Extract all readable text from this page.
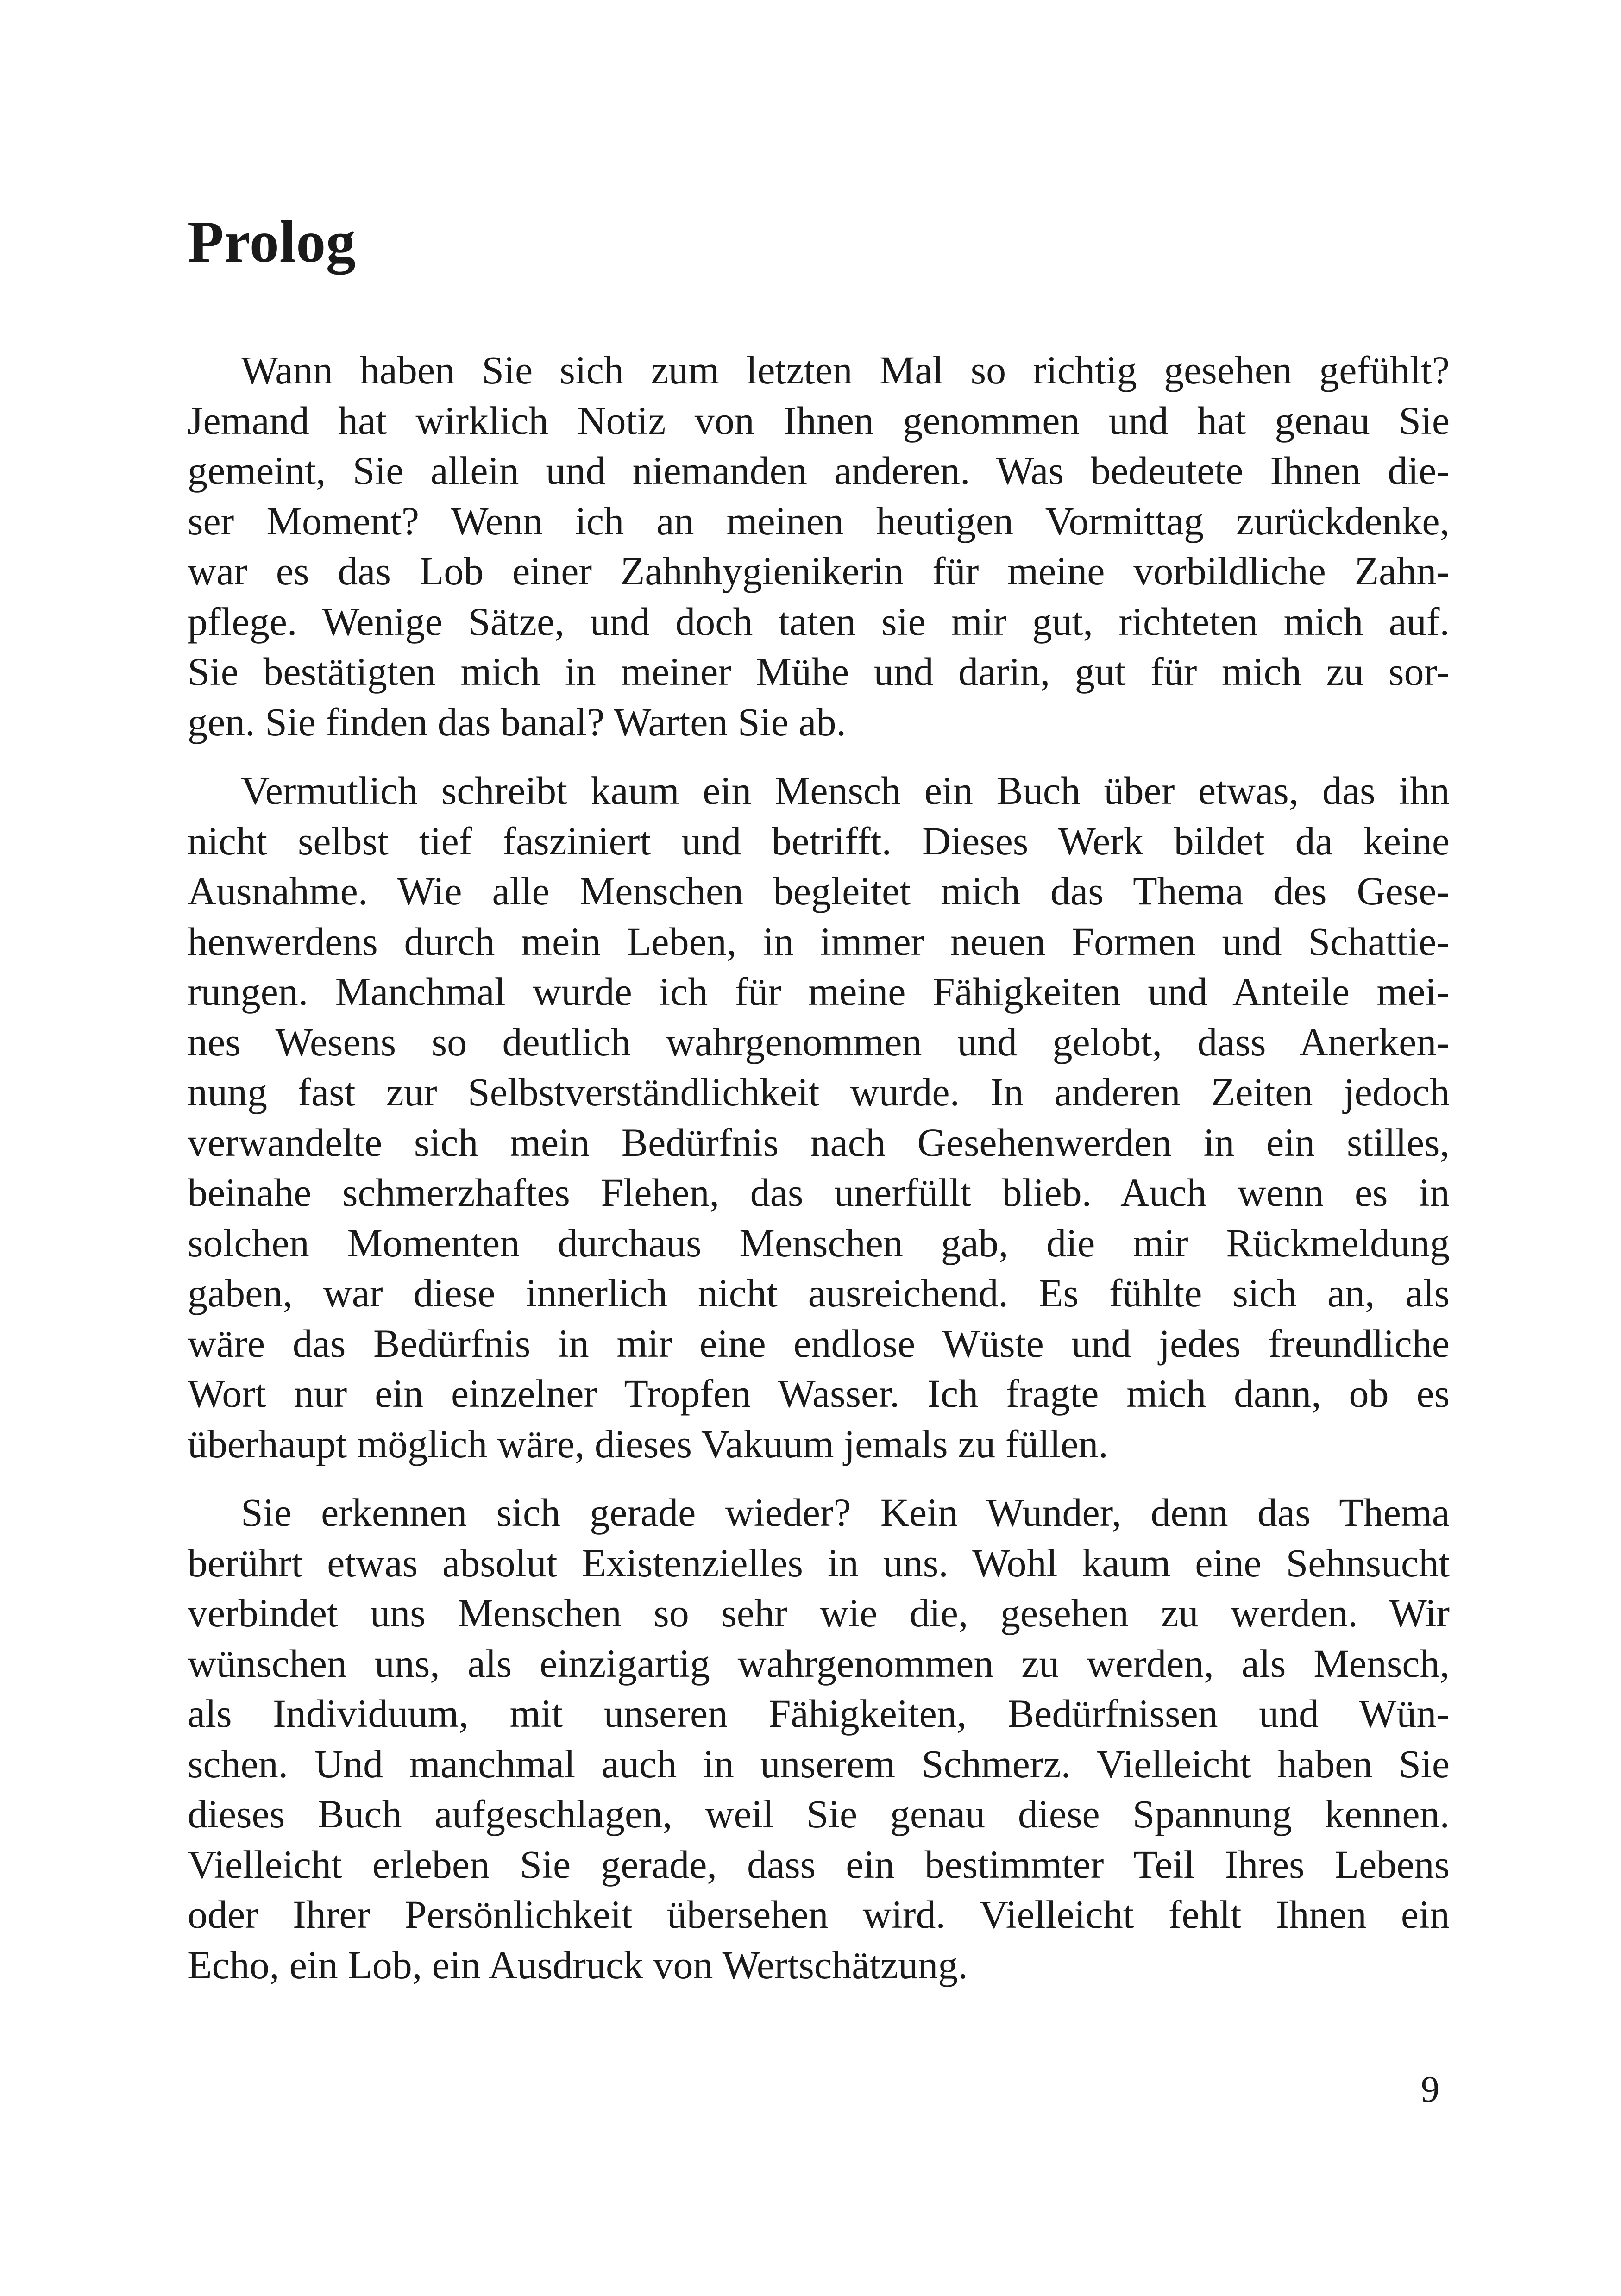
Prolog

Wann haben Sie sich zum letzten Mal so richtig gesehen gefühlt?
Jemand hat wirklich Notiz von Ihnen genommen und hat genau Sie
gemeint, Sie allein und niemanden anderen. Was bedeutete Ihnen die-
ser Moment? Wenn ich an meinen heutigen Vormittag zurückdenke,
war es das Lob einer Zahnhygienikerin für meine vorbildliche Zahn-
pflege. Wenige Sätze, und doch taten sie mir gut, richteten mich auf.
Sie bestätigten mich in meiner Mühe und darin, gut für mich zu sor-
gen. Sie finden das banal? Warten Sie ab.

Vermutlich schreibt kaum ein Mensch ein Buch über etwas, das ihn
nicht selbst tief fasziniert und betrifft. Dieses Werk bildet da keine
Ausnahme. Wie alle Menschen begleitet mich das Thema des Gese-
henwerdens durch mein Leben, in immer neuen Formen und Schattie-
rungen. Manchmal wurde ich für meine Fähigkeiten und Anteile mei-
nes Wesens so deutlich wahrgenommen und gelobt, dass Anerken-
nung fast zur Selbstverständlichkeit wurde. In anderen Zeiten jedoch
verwandelte sich mein Bedürfnis nach Gesehenwerden in ein stilles,
beinahe schmerzhaftes Flehen, das unerfüllt blieb. Auch wenn es in
solchen Momenten durchaus Menschen gab, die mir Rückmeldung
gaben, war diese innerlich nicht ausreichend. Es fühlte sich an, als
wäre das Bedürfnis in mir eine endlose Wüste und jedes freundliche
Wort nur ein einzelner Tropfen Wasser. Ich fragte mich dann, ob es
überhaupt möglich wäre, dieses Vakuum jemals zu füllen.

Sie erkennen sich gerade wieder? Kein Wunder, denn das Thema
berührt etwas absolut Existenzielles in uns. Wohl kaum eine Sehnsucht
verbindet uns Menschen so sehr wie die, gesehen zu werden. Wir
wünschen uns, als einzigartig wahrgenommen zu werden, als Mensch,
als Individuum, mit unseren Fähigkeiten, Bedürfnissen und Wün-
schen. Und manchmal auch in unserem Schmerz. Vielleicht haben Sie
dieses Buch aufgeschlagen, weil Sie genau diese Spannung kennen.
Vielleicht erleben Sie gerade, dass ein bestimmter Teil Ihres Lebens
oder Ihrer Persönlichkeit übersehen wird. Vielleicht fehlt Ihnen ein
Echo, ein Lob, ein Ausdruck von Wertschätzung.

9
